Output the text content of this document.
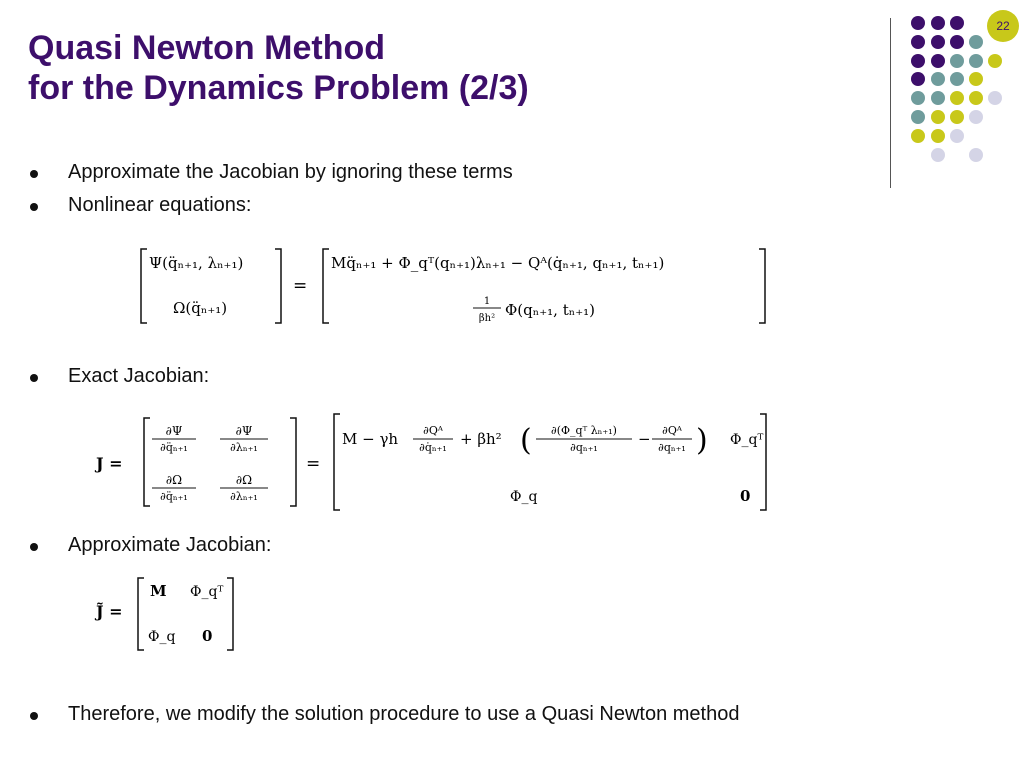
Quasi Newton Method
for the Dynamics Problem (2/3)
22
Approximate the Jacobian by ignoring these terms
Nonlinear equations:
Exact Jacobian:
Approximate Jacobian:
Therefore, we modify the solution procedure to use a Quasi Newton method
Ψ(q̈ₙ₊₁, λₙ₊₁)
Ω(q̈ₙ₊₁)
=
Mq̈ₙ₊₁ + Φ_qᵀ(qₙ₊₁)λₙ₊₁ − Qᴬ(q̇ₙ₊₁, qₙ₊₁, tₙ₊₁)
1
βh² Φ(qₙ₊₁, tₙ₊₁)
J =
∂Ψ
∂q̈ₙ₊₁
∂Ψ
∂λₙ₊₁
∂Ω
∂q̈ₙ₊₁
∂Ω
∂λₙ₊₁
=
M − γh ∂Qᴬ
∂q̇ₙ₊₁ + βh² ( ∂(Φ_qᵀ λₙ₊₁)
∂qₙ₊₁	− ∂Qᴬ
∂qₙ₊₁ ) Φ_qᵀ
Φ_q	0
J̃ =
M Φ_qᵀ
Φ_q 0
